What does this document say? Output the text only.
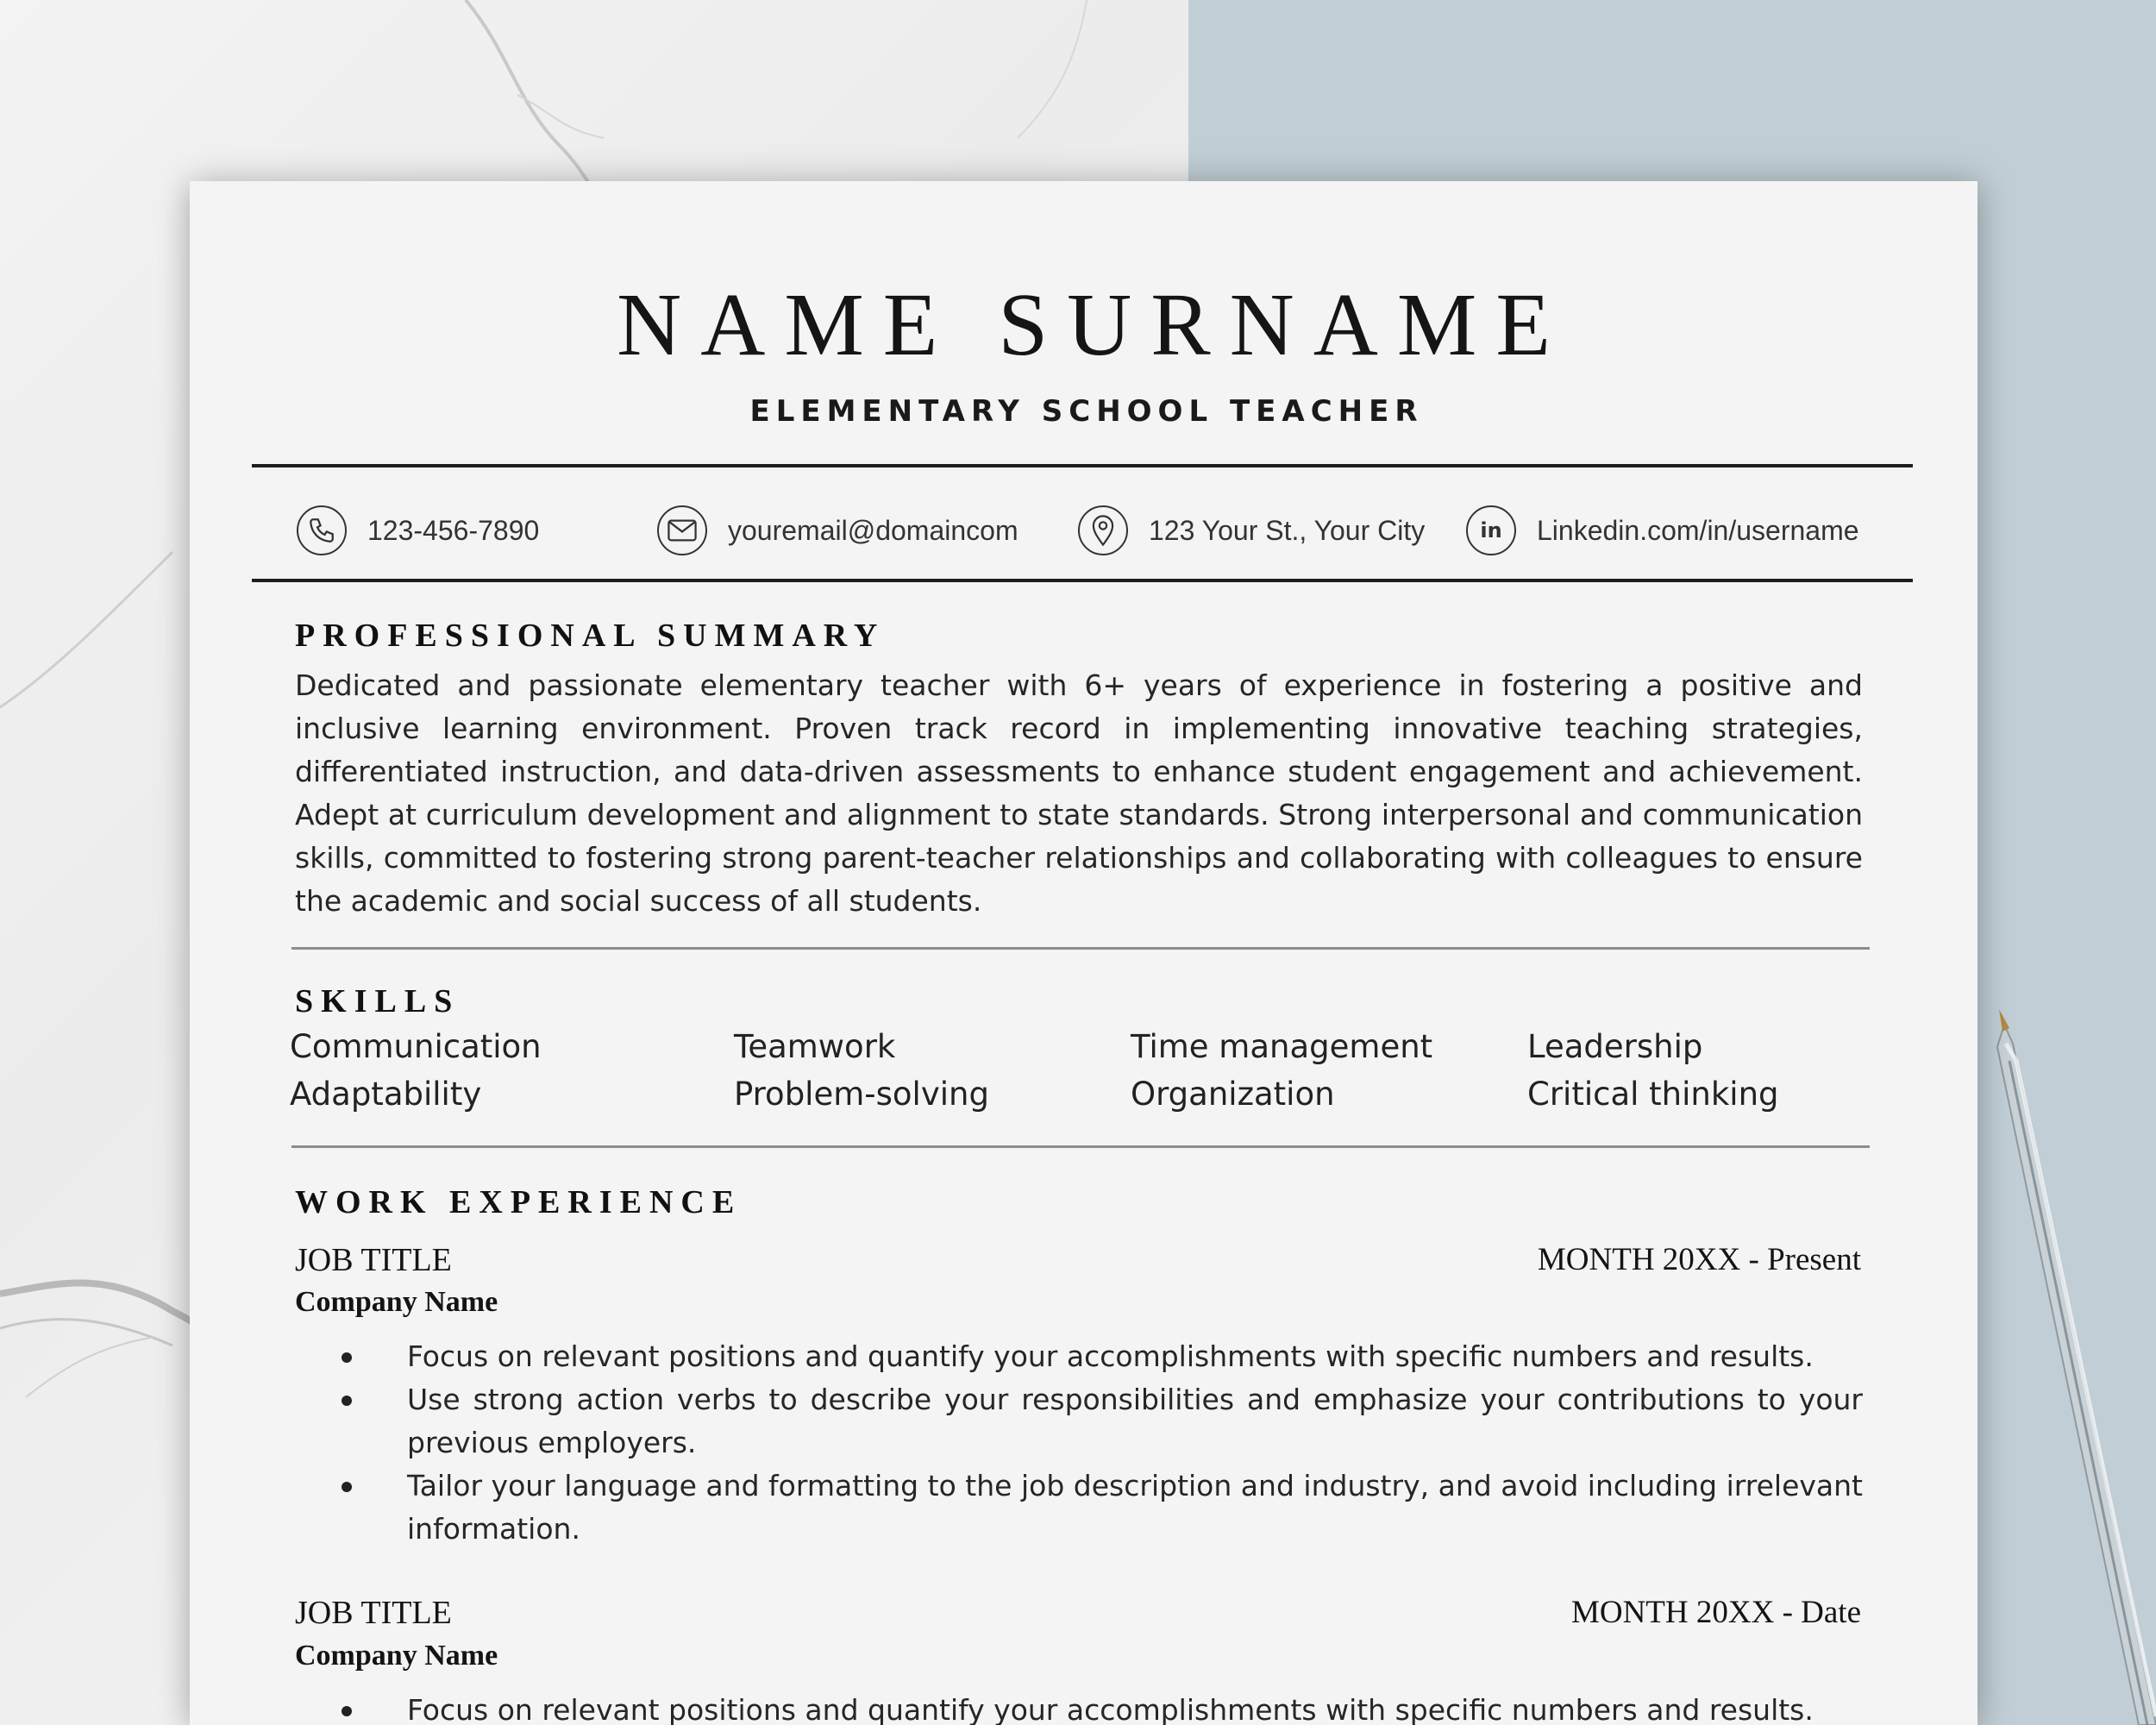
NAME SURNAME
ELEMENTARY SCHOOL TEACHER
123-456-7890	youremail@domaincom	123 Your St., Your City	in Linkedin.com/in/username
PROFESSIONAL SUMMARY

Dedicated and passionate elementary teacher with 6+ years of experience in fostering a positive and inclusive learning environment. Proven track record in implementing innovative teaching strategies, differentiated instruction, and data-driven assessments to enhance student engagement and achievement. Adept at curriculum development and alignment to state standards. Strong interpersonal and communication skills, committed to fostering strong parent-teacher relationships and collaborating with colleagues to ensure the academic and social success of all students.

SKILLS
Communication	Teamwork	Time management	Leadership
Adaptability	Problem-solving	Organization	Critical thinking
WORK EXPERIENCE
JOB TITLE	MONTH 20XX - Present
Company Name
Focus on relevant positions and quantify your accomplishments with specific numbers and results.
Use strong action verbs to describe your responsibilities and emphasize your contributions to your previous employers.
Tailor your language and formatting to the job description and industry, and avoid including irrelevant information.
JOB TITLE	MONTH 20XX - Date
Company Name
Focus on relevant positions and quantify your accomplishments with specific numbers and results.
